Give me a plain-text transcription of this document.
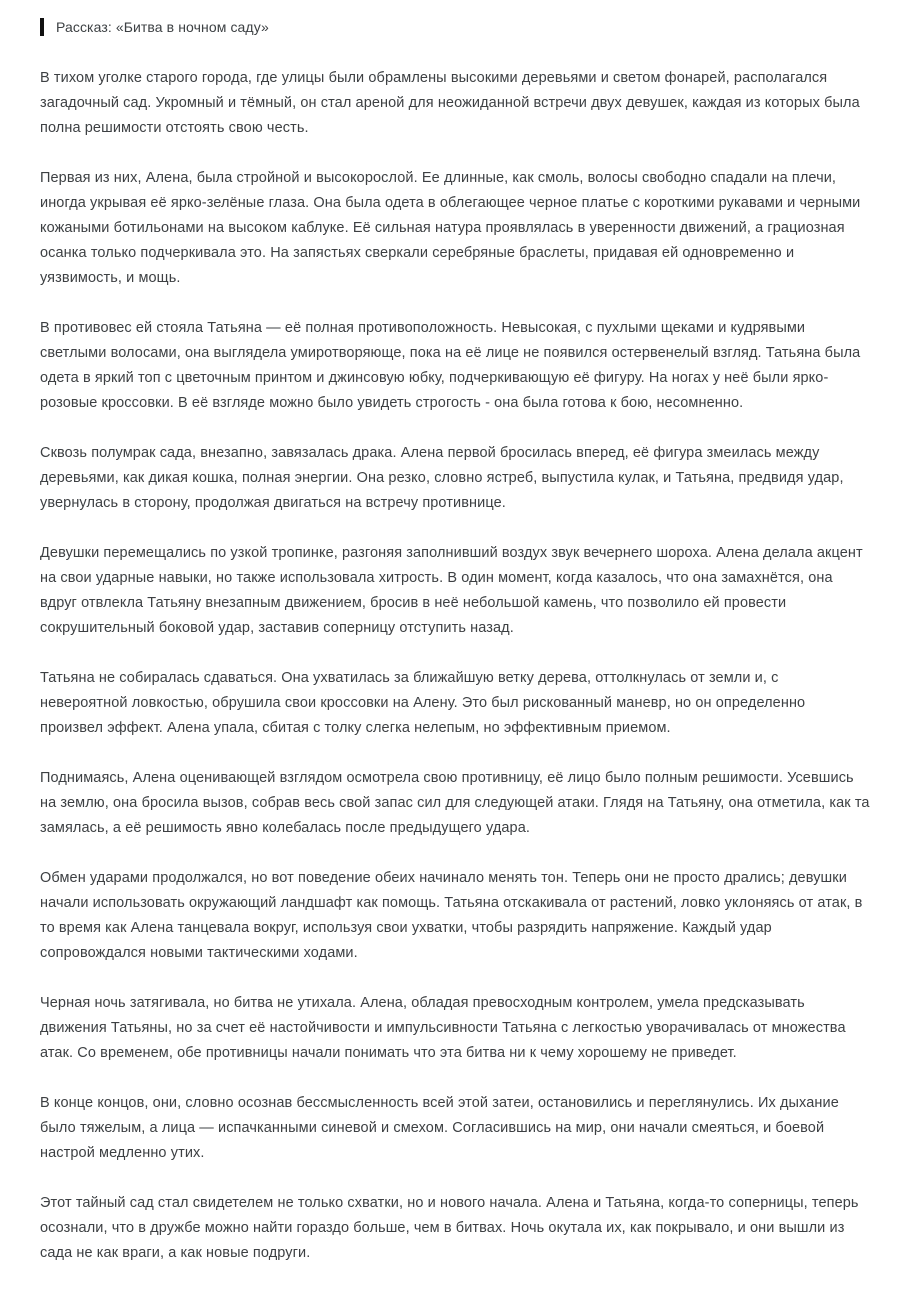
Рассказ: «Битва в ночном саду»

В тихом уголке старого города, где улицы были обрамлены высокими деревьями и светом фонарей, располагался загадочный сад. Укромный и тёмный, он стал ареной для неожиданной встречи двух девушек, каждая из которых была полна решимости отстоять свою честь.

Первая из них, Алена, была стройной и высокорослой. Ее длинные, как смоль, волосы свободно спадали на плечи, иногда укрывая её ярко-зелёные глаза. Она была одета в облегающее черное платье с короткими рукавами и черными кожаными ботильонами на высоком каблуке. Её сильная натура проявлялась в уверенности движений, а грациозная осанка только подчеркивала это. На запястьях сверкали серебряные браслеты, придавая ей одновременно и уязвимость, и мощь.

В противовес ей стояла Татьяна — её полная противоположность. Невысокая, с пухлыми щеками и кудрявыми светлыми волосами, она выглядела умиротворяюще, пока на её лице не появился остервенелый взгляд. Татьяна была одета в яркий топ с цветочным принтом и джинсовую юбку, подчеркивающую её фигуру. На ногах у неё были ярко-розовые кроссовки. В её взгляде можно было увидеть строгость - она была готова к бою, несомненно.

Сквозь полумрак сада, внезапно, завязалась драка. Алена первой бросилась вперед, её фигура змеилась между деревьями, как дикая кошка, полная энергии. Она резко, словно ястреб, выпустила кулак, и Татьяна, предвидя удар, увернулась в сторону, продолжая двигаться на встречу противнице.

Девушки перемещались по узкой тропинке, разгоняя заполнивший воздух звук вечернего шороха. Алена делала акцент на свои ударные навыки, но также использовала хитрость. В один момент, когда казалось, что она замахнётся, она вдруг отвлекла Татьяну внезапным движением, бросив в неё небольшой камень, что позволило ей провести сокрушительный боковой удар, заставив соперницу отступить назад.

Татьяна не собиралась сдаваться. Она ухватилась за ближайшую ветку дерева, оттолкнулась от земли и, с невероятной ловкостью, обрушила свои кроссовки на Алену. Это был рискованный маневр, но он определенно произвел эффект. Алена упала, сбитая с толку слегка нелепым, но эффективным приемом.

Поднимаясь, Алена оценивающей взглядом осмотрела свою противницу, её лицо было полным решимости. Усевшись на землю, она бросила вызов, собрав весь свой запас сил для следующей атаки. Глядя на Татьяну, она отметила, как та замялась, а её решимость явно колебалась после предыдущего удара.

Обмен ударами продолжался, но вот поведение обеих начинало менять тон. Теперь они не просто дрались; девушки начали использовать окружающий ландшафт как помощь. Татьяна отскакивала от растений, ловко уклоняясь от атак, в то время как Алена танцевала вокруг, используя свои ухватки, чтобы разрядить напряжение. Каждый удар сопровождался новыми тактическими ходами.

Черная ночь затягивала, но битва не утихала. Алена, обладая превосходным контролем, умела предсказывать движения Татьяны, но за счет её настойчивости и импульсивности Татьяна с легкостью уворачивалась от множества атак. Со временем, обе противницы начали понимать что эта битва ни к чему хорошему не приведет.

В конце концов, они, словно осознав бессмысленность всей этой затеи, остановились и переглянулись. Их дыхание было тяжелым, а лица — испачканными синевой и смехом. Согласившись на мир, они начали смеяться, и боевой настрой медленно утих.

Этот тайный сад стал свидетелем не только схватки, но и нового начала. Алена и Татьяна, когда-то соперницы, теперь осознали, что в дружбе можно найти гораздо больше, чем в битвах. Ночь окутала их, как покрывало, и они вышли из сада не как враги, а как новые подруги.
